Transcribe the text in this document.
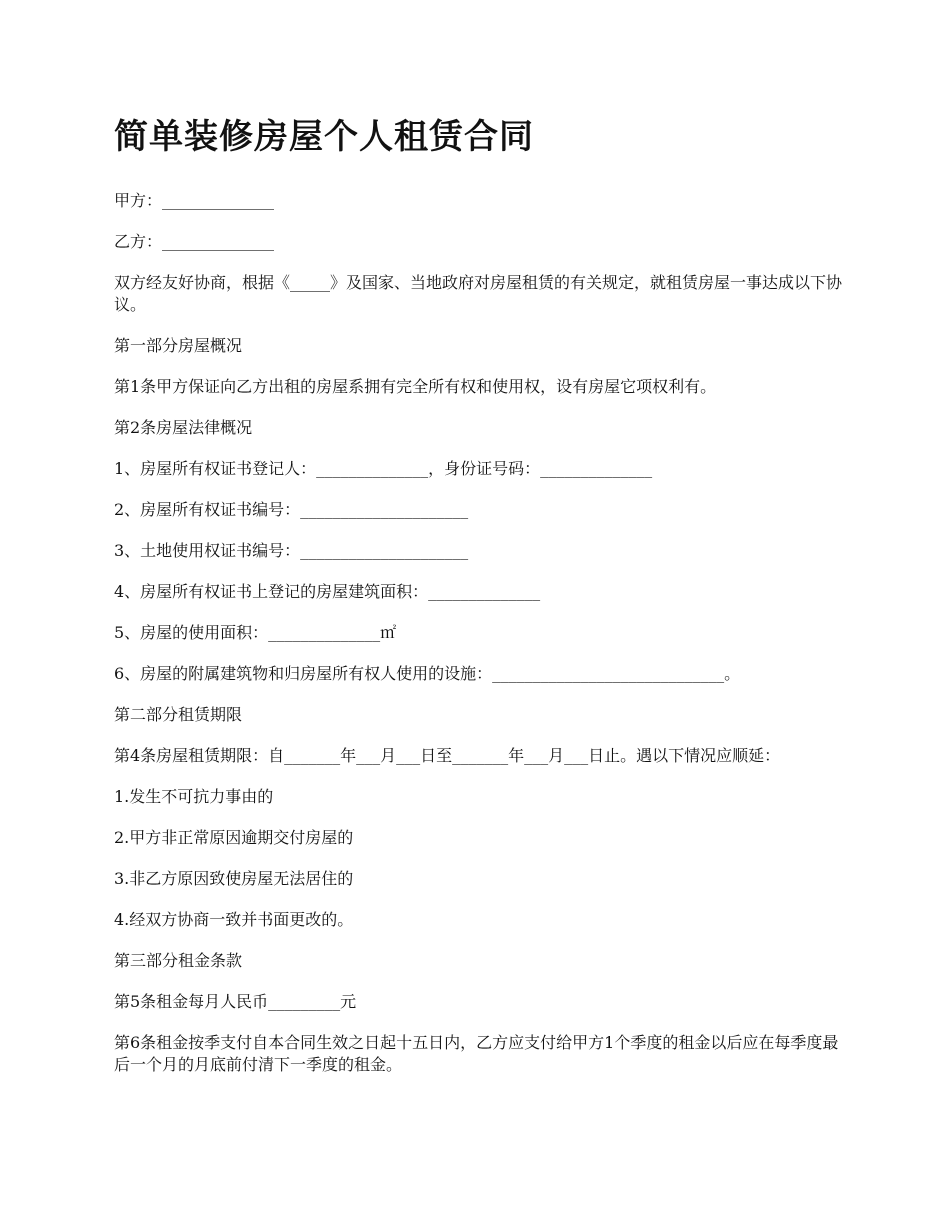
简单装修房屋个人租赁合同

甲方：______________

乙方：______________

双方经友好协商，根据《_____》及国家、当地政府对房屋租赁的有关规定，就租赁房屋一事达成以下协议。

第一部分房屋概况

第1条甲方保证向乙方出租的房屋系拥有完全所有权和使用权，设有房屋它项权利有。

第2条房屋法律概况

1、房屋所有权证书登记人：______________，身份证号码：______________

2、房屋所有权证书编号：_____________________

3、土地使用权证书编号：_____________________

4、房屋所有权证书上登记的房屋建筑面积：______________

5、房屋的使用面积：______________㎡

6、房屋的附属建筑物和归房屋所有权人使用的设施：_____________________________。

第二部分租赁期限

第4条房屋租赁期限：自_______年___月___日至_______年___月___日止。遇以下情况应顺延：

1.发生不可抗力事由的

2.甲方非正常原因逾期交付房屋的

3.非乙方原因致使房屋无法居住的

4.经双方协商一致并书面更改的。

第三部分租金条款

第5条租金每月人民币_________元

第6条租金按季支付自本合同生效之日起十五日内，乙方应支付给甲方1个季度的租金以后应在每季度最后一个月的月底前付清下一季度的租金。
